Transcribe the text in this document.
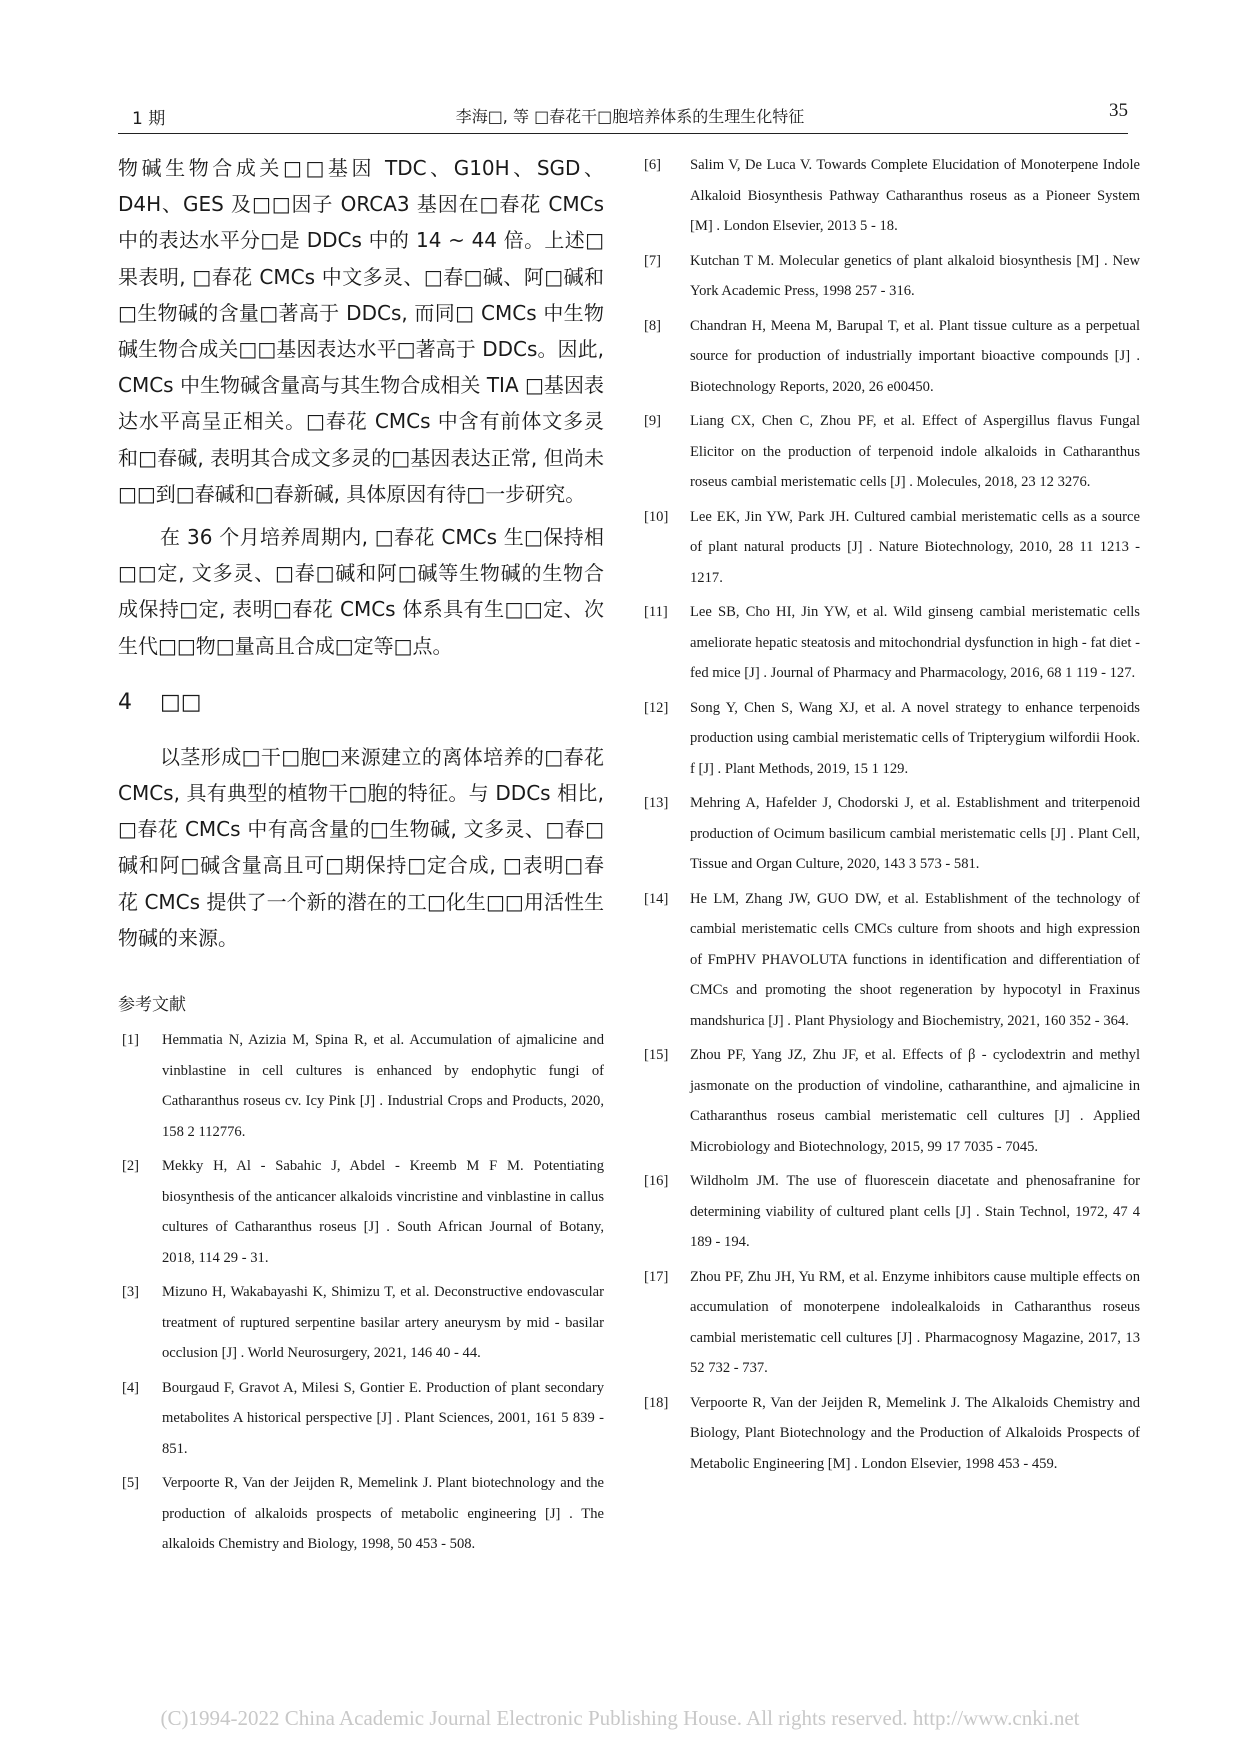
1 期	李海□, 等 □春花干□胞培养体系的生理生化特征	35

物碱生物合成关□□基因 TDC、G10H、SGD、D4H、GES 及□□因子 ORCA3 基因在□春花 CMCs 中的表达水平分□是 DDCs 中的 14 ~ 44 倍。上述□果表明, □春花 CMCs 中文多灵、□春□碱、阿□碱和□生物碱的含量□著高于 DDCs, 而同□ CMCs 中生物碱生物合成关□□基因表达水平□著高于 DDCs。因此, CMCs 中生物碱含量高与其生物合成相关 TIA □基因表达水平高呈正相关。□春花 CMCs 中含有前体文多灵和□春碱, 表明其合成文多灵的□基因表达正常, 但尚未□□到□春碱和□春新碱, 具体原因有待□一步研究。

在 36 个月培养周期内, □春花 CMCs 生□保持相□□定, 文多灵、□春□碱和阿□碱等生物碱的生物合成保持□定, 表明□春花 CMCs 体系具有生□□定、次生代□□物□量高且合成□定等□点。

4 □□

以茎形成□干□胞□来源建立的离体培养的□春花 CMCs, 具有典型的植物干□胞的特征。与 DDCs 相比, □春花 CMCs 中有高含量的□生物碱, 文多灵、□春□碱和阿□碱含量高且可□期保持□定合成, □表明□春花 CMCs 提供了一个新的潜在的工□化生□□用活性生物碱的来源。

参考文献
[1] Hemmatia N, Azizia M, Spina R, et al. Accumulation of ajmalicine and vinblastine in cell cultures is enhanced by endophytic fungi of Catharanthus roseus cv. Icy Pink [J] . Industrial Crops and Products, 2020, 158 2 112776.
[2] Mekky H, Al - Sabahic J, Abdel - Kreemb M F M. Potentiating biosynthesis of the anticancer alkaloids vincristine and vinblastine in callus cultures of Catharanthus roseus [J] . South African Journal of Botany, 2018, 114 29 - 31.
[3] Mizuno H, Wakabayashi K, Shimizu T, et al. Deconstructive endovascular treatment of ruptured serpentine basilar artery aneurysm by mid - basilar occlusion [J] . World Neurosurgery, 2021, 146 40 - 44.
[4] Bourgaud F, Gravot A, Milesi S, Gontier E. Production of plant secondary metabolites A historical perspective [J] . Plant Sciences, 2001, 161 5 839 - 851.
[5] Verpoorte R, Van der Jeijden R, Memelink J. Plant biotechnology and the production of alkaloids prospects of metabolic engineering [J] . The alkaloids Chemistry and Biology, 1998, 50 453 - 508.
[6] Salim V, De Luca V. Towards Complete Elucidation of Monoterpene Indole Alkaloid Biosynthesis Pathway Catharanthus roseus as a Pioneer System [M] . London Elsevier, 2013 5 - 18.
[7] Kutchan T M. Molecular genetics of plant alkaloid biosynthesis [M] . New York Academic Press, 1998 257 - 316.
[8] Chandran H, Meena M, Barupal T, et al. Plant tissue culture as a perpetual source for production of industrially important bioactive compounds [J] . Biotechnology Reports, 2020, 26 e00450.
[9] Liang CX, Chen C, Zhou PF, et al. Effect of Aspergillus flavus Fungal Elicitor on the production of terpenoid indole alkaloids in Catharanthus roseus cambial meristematic cells [J] . Molecules, 2018, 23 12 3276.
[10] Lee EK, Jin YW, Park JH. Cultured cambial meristematic cells as a source of plant natural products [J] . Nature Biotechnology, 2010, 28 11 1213 - 1217.
[11] Lee SB, Cho HI, Jin YW, et al. Wild ginseng cambial meristematic cells ameliorate hepatic steatosis and mitochondrial dysfunction in high - fat diet - fed mice [J] . Journal of Pharmacy and Pharmacology, 2016, 68 1 119 - 127.
[12] Song Y, Chen S, Wang XJ, et al. A novel strategy to enhance terpenoids production using cambial meristematic cells of Tripterygium wilfordii Hook. f [J] . Plant Methods, 2019, 15 1 129.
[13] Mehring A, Hafelder J, Chodorski J, et al. Establishment and triterpenoid production of Ocimum basilicum cambial meristematic cells [J] . Plant Cell, Tissue and Organ Culture, 2020, 143 3 573 - 581.
[14] He LM, Zhang JW, GUO DW, et al. Establishment of the technology of cambial meristematic cells CMCs culture from shoots and high expression of FmPHV PHAVOLUTA functions in identification and differentiation of CMCs and promoting the shoot regeneration by hypocotyl in Fraxinus mandshurica [J] . Plant Physiology and Biochemistry, 2021, 160 352 - 364.
[15] Zhou PF, Yang JZ, Zhu JF, et al. Effects of β - cyclodextrin and methyl jasmonate on the production of vindoline, catharanthine, and ajmalicine in Catharanthus roseus cambial meristematic cell cultures [J] . Applied Microbiology and Biotechnology, 2015, 99 17 7035 - 7045.
[16] Wildholm JM. The use of fluorescein diacetate and phenosafranine for determining viability of cultured plant cells [J] . Stain Technol, 1972, 47 4 189 - 194.
[17] Zhou PF, Zhu JH, Yu RM, et al. Enzyme inhibitors cause multiple effects on accumulation of monoterpene indolealkaloids in Catharanthus roseus cambial meristematic cell cultures [J] . Pharmacognosy Magazine, 2017, 13 52 732 - 737.
[18] Verpoorte R, Van der Jeijden R, Memelink J. The Alkaloids Chemistry and Biology, Plant Biotechnology and the Production of Alkaloids Prospects of Metabolic Engineering [M] . London Elsevier, 1998 453 - 459.
(C)1994-2022 China Academic Journal Electronic Publishing House. All rights reserved. http://www.cnki.net
